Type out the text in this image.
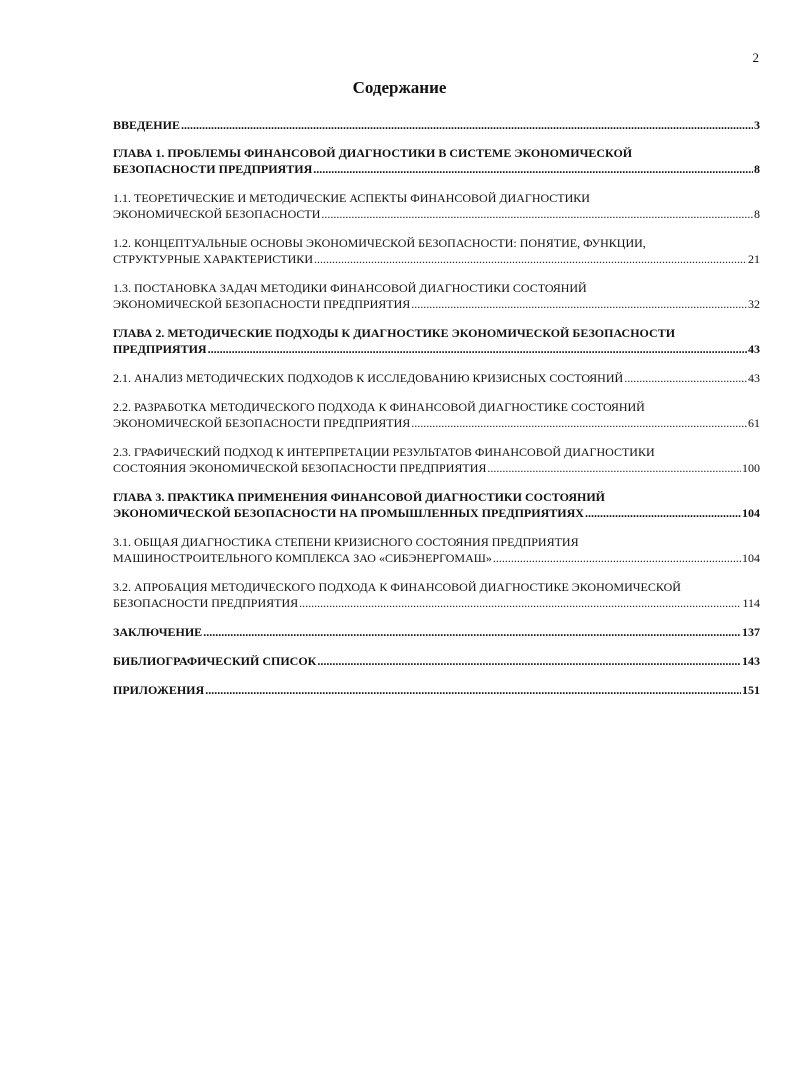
2
Содержание
ВВЕДЕНИЕ .....	3
ГЛАВА 1. ПРОБЛЕМЫ ФИНАНСОВОЙ ДИАГНОСТИКИ В СИСТЕМЕ ЭКОНОМИЧЕСКОЙ
БЕЗОПАСНОСТИ ПРЕДПРИЯТИЯ .....	8
1.1. ТЕОРЕТИЧЕСКИЕ И МЕТОДИЧЕСКИЕ АСПЕКТЫ ФИНАНСОВОЙ ДИАГНОСТИКИ
ЭКОНОМИЧЕСКОЙ БЕЗОПАСНОСТИ .....	8
1.2. КОНЦЕПТУАЛЬНЫЕ ОСНОВЫ ЭКОНОМИЧЕСКОЙ БЕЗОПАСНОСТИ: ПОНЯТИЕ, ФУНКЦИИ,
СТРУКТУРНЫЕ ХАРАКТЕРИСТИКИ .....	21
1.3. ПОСТАНОВКА ЗАДАЧ МЕТОДИКИ ФИНАНСОВОЙ ДИАГНОСТИКИ СОСТОЯНИЙ
ЭКОНОМИЧЕСКОЙ БЕЗОПАСНОСТИ ПРЕДПРИЯТИЯ .....	32
ГЛАВА 2. МЕТОДИЧЕСКИЕ ПОДХОДЫ К ДИАГНОСТИКЕ ЭКОНОМИЧЕСКОЙ БЕЗОПАСНОСТИ
ПРЕДПРИЯТИЯ .....	43
2.1. АНАЛИЗ МЕТОДИЧЕСКИХ ПОДХОДОВ К ИССЛЕДОВАНИЮ КРИЗИСНЫХ СОСТОЯНИЙ .....	43
2.2. РАЗРАБОТКА МЕТОДИЧЕСКОГО ПОДХОДА К ФИНАНСОВОЙ ДИАГНОСТИКЕ СОСТОЯНИЙ
ЭКОНОМИЧЕСКОЙ БЕЗОПАСНОСТИ ПРЕДПРИЯТИЯ .....	61
2.3. ГРАФИЧЕСКИЙ ПОДХОД К ИНТЕРПРЕТАЦИИ РЕЗУЛЬТАТОВ ФИНАНСОВОЙ ДИАГНОСТИКИ
СОСТОЯНИЯ ЭКОНОМИЧЕСКОЙ БЕЗОПАСНОСТИ ПРЕДПРИЯТИЯ .....	100
ГЛАВА 3. ПРАКТИКА ПРИМЕНЕНИЯ ФИНАНСОВОЙ ДИАГНОСТИКИ СОСТОЯНИЙ
ЭКОНОМИЧЕСКОЙ БЕЗОПАСНОСТИ НА ПРОМЫШЛЕННЫХ ПРЕДПРИЯТИЯХ .....	104
3.1. ОБЩАЯ ДИАГНОСТИКА СТЕПЕНИ КРИЗИСНОГО СОСТОЯНИЯ ПРЕДПРИЯТИЯ
МАШИНОСТРОИТЕЛЬНОГО КОМПЛЕКСА ЗАО «СИБЭНЕРГОМАШ» .....	104
3.2. АПРОБАЦИЯ МЕТОДИЧЕСКОГО ПОДХОДА К ФИНАНСОВОЙ ДИАГНОСТИКЕ ЭКОНОМИЧЕСКОЙ
БЕЗОПАСНОСТИ ПРЕДПРИЯТИЯ .....	114
ЗАКЛЮЧЕНИЕ .....	137
БИБЛИОГРАФИЧЕСКИЙ СПИСОК .....	143
ПРИЛОЖЕНИЯ .....	151
